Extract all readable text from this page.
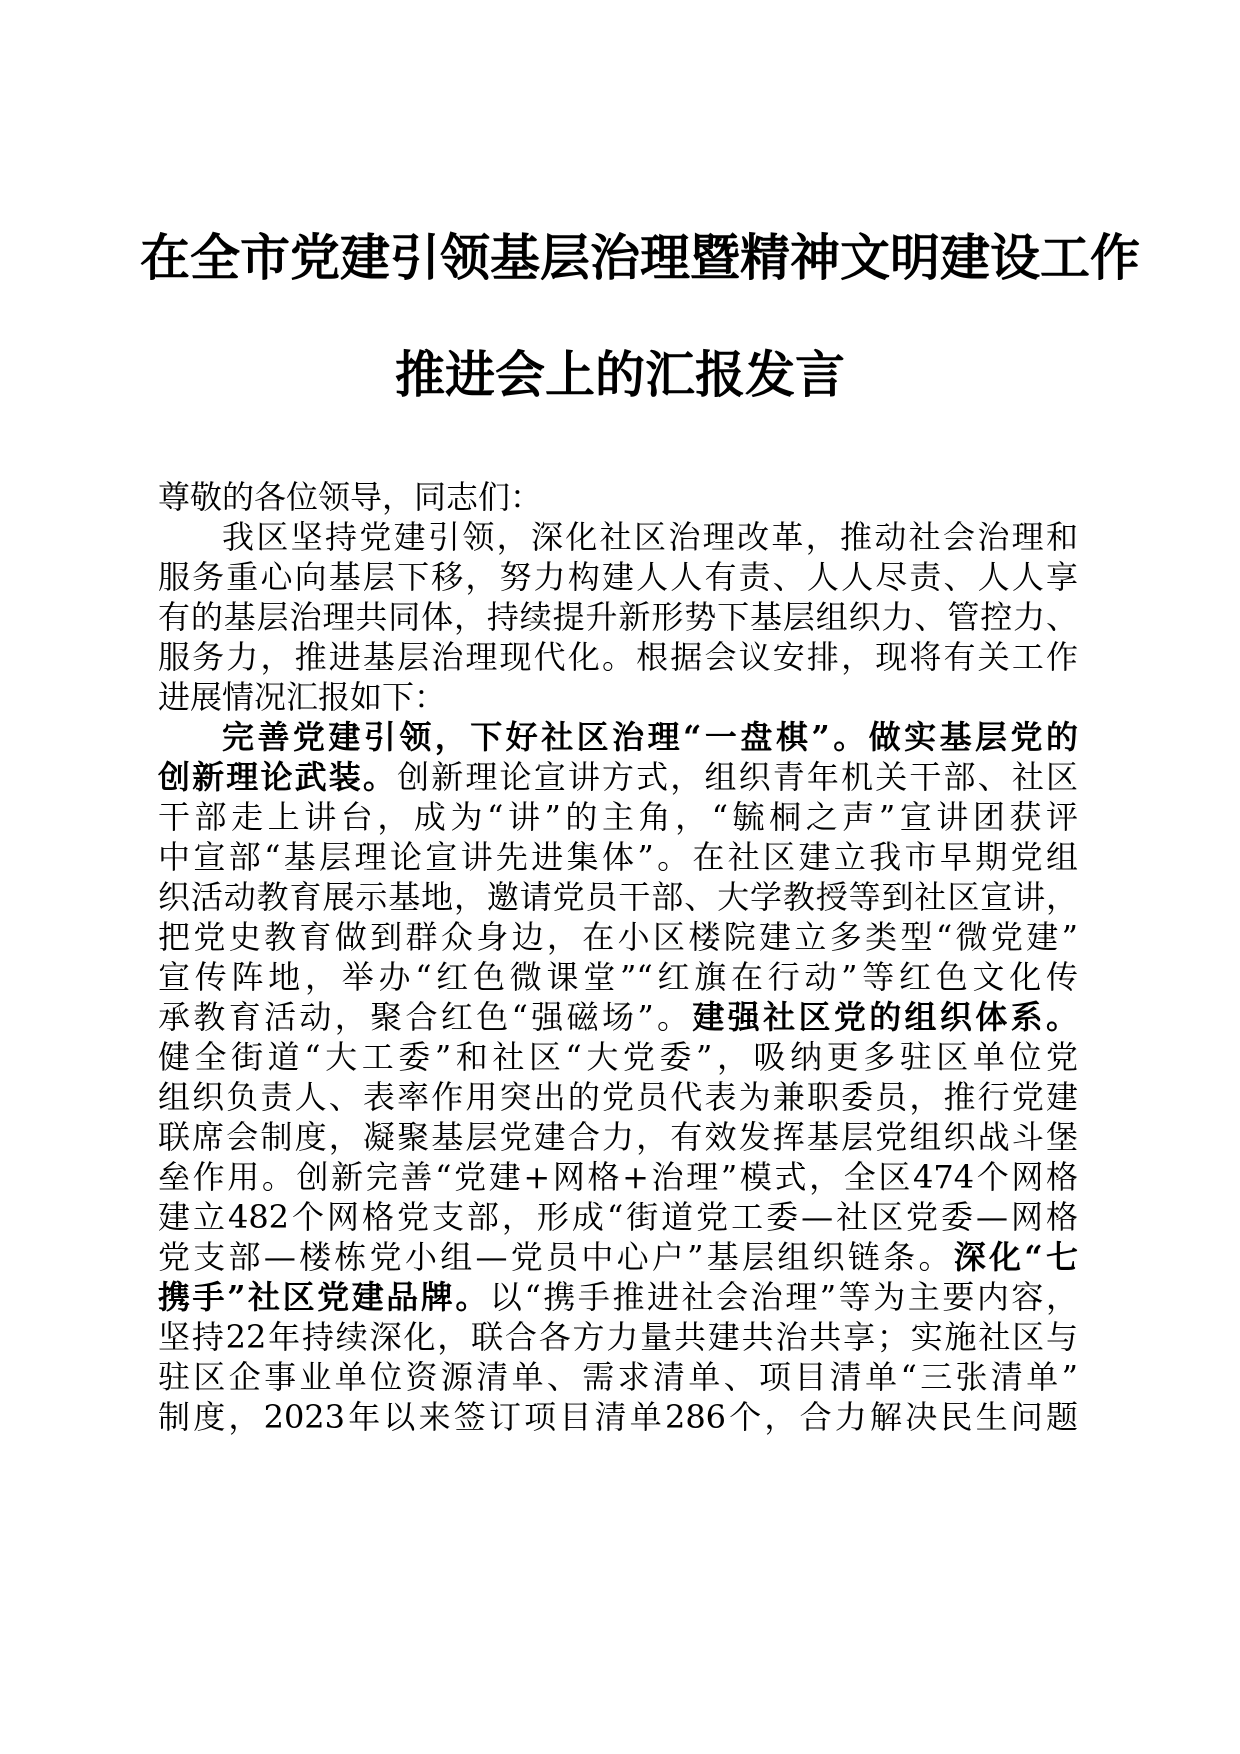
在全市党建引领基层治理暨精神文明建设工作
推进会上的汇报发言
尊敬的各位领导，同志们：
我区坚持党建引领，深化社区治理改革，推动社会治理和
服务重心向基层下移，努力构建人人有责、人人尽责、人人享
有的基层治理共同体，持续提升新形势下基层组织力、管控力、
服务力，推进基层治理现代化。根据会议安排，现将有关工作
进展情况汇报如下：
完善党建引领，下好社区治理“一盘棋”。做实基层党的
创新理论武装。创新理论宣讲方式，组织青年机关干部、社区
干部走上讲台，成为“讲”的主角，“毓桐之声”宣讲团获评
中宣部“基层理论宣讲先进集体”。在社区建立我市早期党组
织活动教育展示基地，邀请党员干部、大学教授等到社区宣讲，
把党史教育做到群众身边，在小区楼院建立多类型“微党建”
宣传阵地，举办“红色微课堂”“红旗在行动”等红色文化传
承教育活动，聚合红色“强磁场”。建强社区党的组织体系。
健全街道“大工委”和社区“大党委”，吸纳更多驻区单位党
组织负责人、表率作用突出的党员代表为兼职委员，推行党建
联席会制度，凝聚基层党建合力，有效发挥基层党组织战斗堡
垒作用。创新完善“党建+网格+治理”模式，全区474个网格
建立482个网格党支部，形成“街道党工委—社区党委—网格
党支部—楼栋党小组—党员中心户”基层组织链条。深化“七
携手”社区党建品牌。以“携手推进社会治理”等为主要内容，
坚持22年持续深化，联合各方力量共建共治共享；实施社区与
驻区企事业单位资源清单、需求清单、项目清单“三张清单”
制度，2023年以来签订项目清单286个，合力解决民生问题
